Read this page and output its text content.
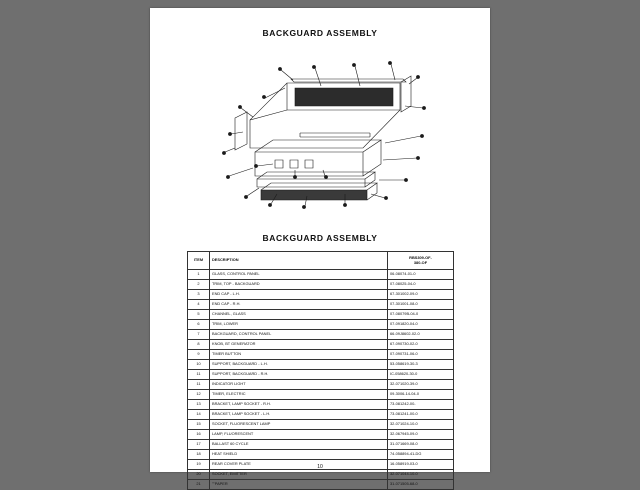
BACKGUARD ASSEMBLY
BACKGUARD ASSEMBLY
ITEM	DESCRIPTION	RBS309-OF-
380-OF

1	GLASS, CONTROL PANEL	06-08074-01-0
2	TRIM, TOP - BACKGUARD	07-08025-04-0
3	END CAP - L.H.	67-301002-09-0
4	END CAP - R.H.	07-301001-08-0
5	CHANNEL, GLASS	07-08079B-04-0
6	TRIM, LOWER	07-091820-04-0
7	BACKGUARD, CONTROL PANEL	66-09J8602-02-0
8	KNOB, BT GENERATOR	67-090730-02-0
9	TIMER BUTTON	07-090731-06-0
10	SUPPORT, BACKGUARD - L.H.	53-058619-30-3
11	SUPPORT, BACKGUARD - R.H.	IC-058620-30-0
11	INDICATOR LIGHT	32-071020-39-0
12	TIMER, ELECTRIC	09-3006-14-04-0
13	BRACKET, LAMP SOCKET - R.H.	73-081242-00-
14	BRACKET, LAMP SOCKET - L.H.	73-081241-00-0
15	SOCKET, FLUORESCENT LAMP	32-071024-10-0
16	LAMP, FLUORESCENT	32-067945-09-0
17	BALLAST 60 CYCLE	31-071669-08-0
18	HEAT SHIELD	74-058894-41-DG
19	REAR COVER PLATE	16-058919-03-0
20	SOCKET, EMITTER	32-071044-10-0
21	""PAPER	31-071505-68-0
10
